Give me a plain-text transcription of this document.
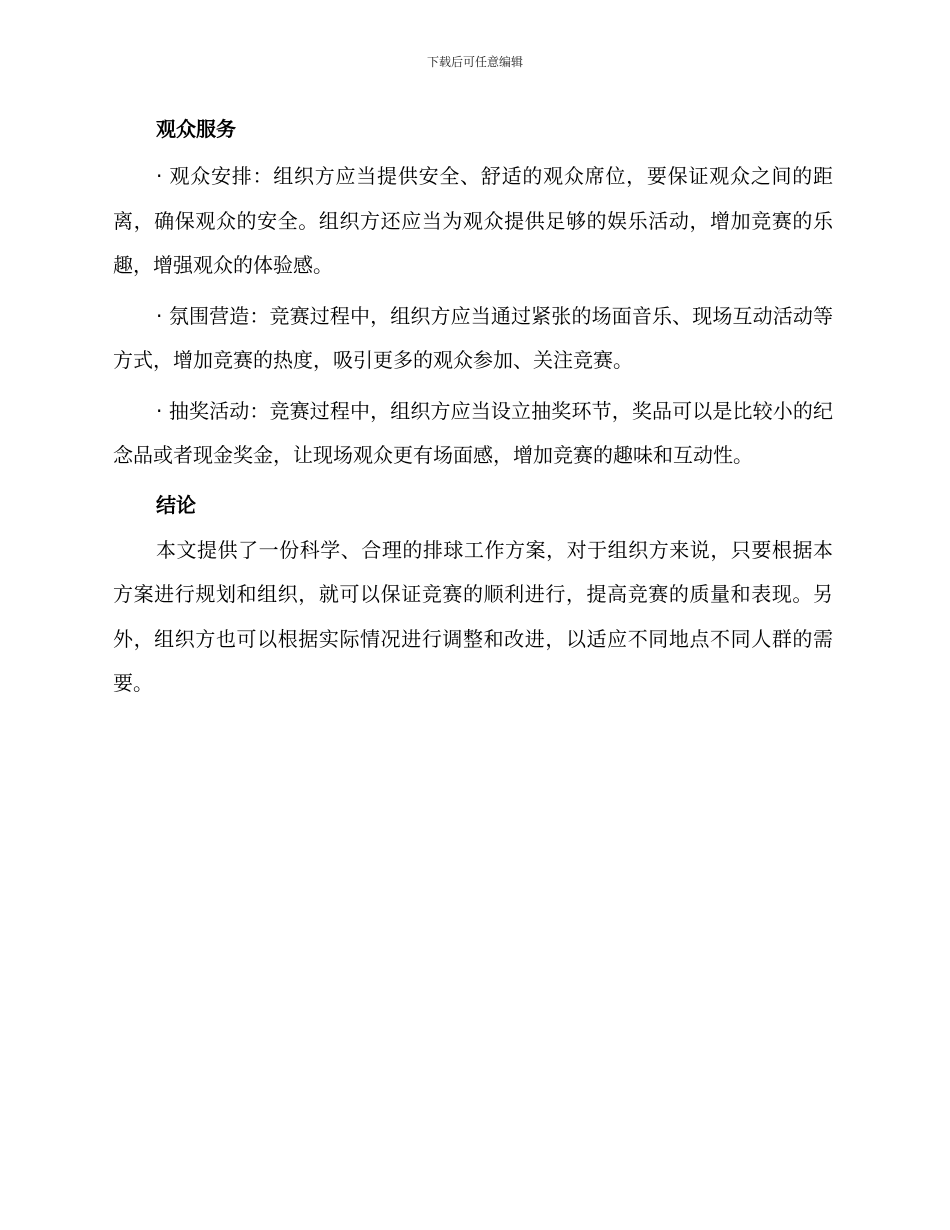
下载后可任意编辑
观众服务

· 观众安排：组织方应当提供安全、舒适的观众席位，要保证观众之间的距离，确保观众的安全。组织方还应当为观众提供足够的娱乐活动，增加竞赛的乐趣，增强观众的体验感。

· 氛围营造：竞赛过程中，组织方应当通过紧张的场面音乐、现场互动活动等方式，增加竞赛的热度，吸引更多的观众参加、关注竞赛。

· 抽奖活动：竞赛过程中，组织方应当设立抽奖环节，奖品可以是比较小的纪念品或者现金奖金，让现场观众更有场面感，增加竞赛的趣味和互动性。

结论

本文提供了一份科学、合理的排球工作方案，对于组织方来说，只要根据本方案进行规划和组织，就可以保证竞赛的顺利进行，提高竞赛的质量和表现。另外，组织方也可以根据实际情况进行调整和改进，以适应不同地点不同人群的需要。
